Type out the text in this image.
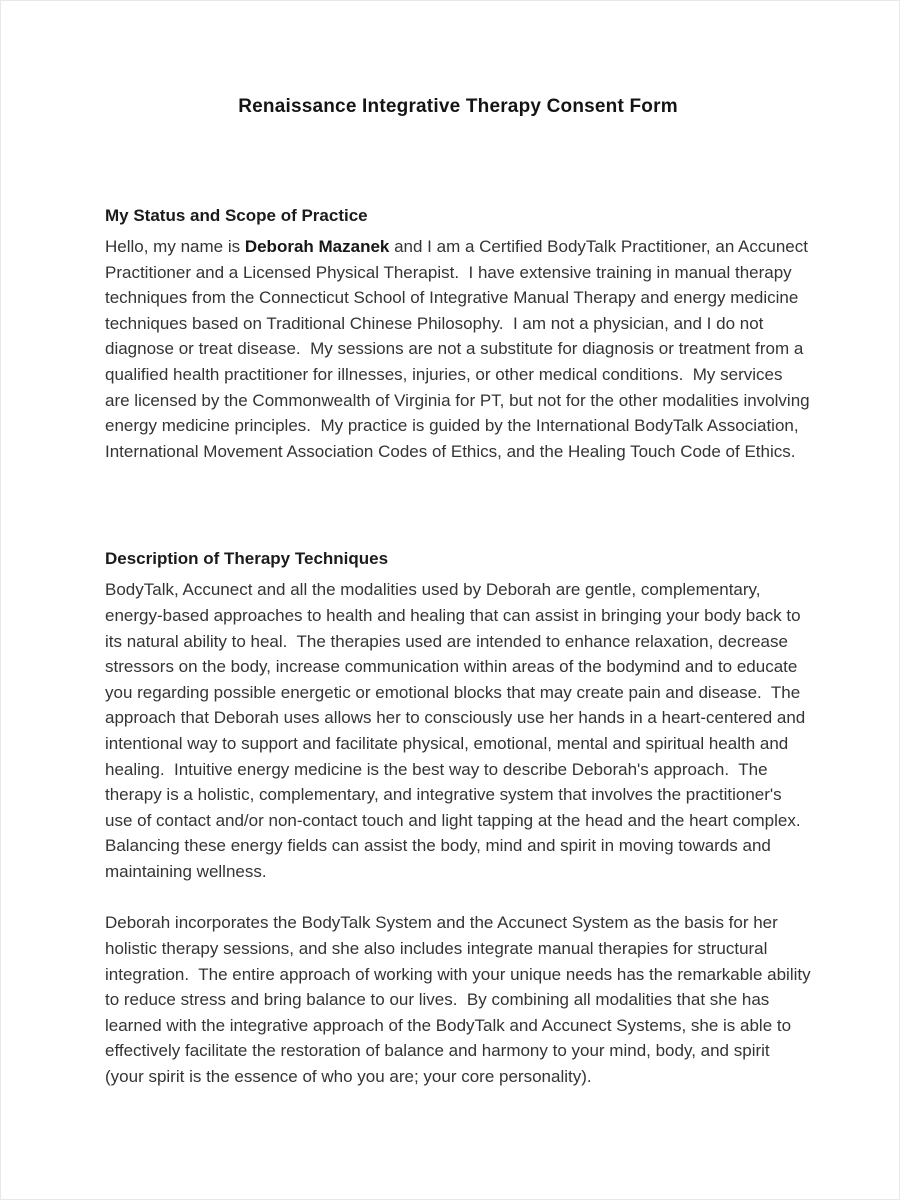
Renaissance Integrative Therapy Consent Form
My Status and Scope of Practice

Hello, my name is Deborah Mazanek and I am a Certified BodyTalk Practitioner, an Accunect Practitioner and a Licensed Physical Therapist.  I have extensive training in manual therapy techniques from the Connecticut School of Integrative Manual Therapy and energy medicine techniques based on Traditional Chinese Philosophy.  I am not a physician, and I do not diagnose or treat disease.  My sessions are not a substitute for diagnosis or treatment from a qualified health practitioner for illnesses, injuries, or other medical conditions.  My services are licensed by the Commonwealth of Virginia for PT, but not for the other modalities involving energy medicine principles.  My practice is guided by the International BodyTalk Association, International Movement Association Codes of Ethics, and the Healing Touch Code of Ethics.

Description of Therapy Techniques

BodyTalk, Accunect and all the modalities used by Deborah are gentle, complementary, energy-based approaches to health and healing that can assist in bringing your body back to its natural ability to heal.  The therapies used are intended to enhance relaxation, decrease stressors on the body, increase communication within areas of the bodymind and to educate you regarding possible energetic or emotional blocks that may create pain and disease.  The approach that Deborah uses allows her to consciously use her hands in a heart-centered and intentional way to support and facilitate physical, emotional, mental and spiritual health and healing.  Intuitive energy medicine is the best way to describe Deborah's approach.  The therapy is a holistic, complementary, and integrative system that involves the practitioner's use of contact and/or non-contact touch and light tapping at the head and the heart complex.  Balancing these energy fields can assist the body, mind and spirit in moving towards and maintaining wellness.

Deborah incorporates the BodyTalk System and the Accunect System as the basis for her holistic therapy sessions, and she also includes integrate manual therapies for structural integration.  The entire approach of working with your unique needs has the remarkable ability to reduce stress and bring balance to our lives.  By combining all modalities that she has learned with the integrative approach of the BodyTalk and Accunect Systems, she is able to effectively facilitate the restoration of balance and harmony to your mind, body, and spirit (your spirit is the essence of who you are; your core personality).
